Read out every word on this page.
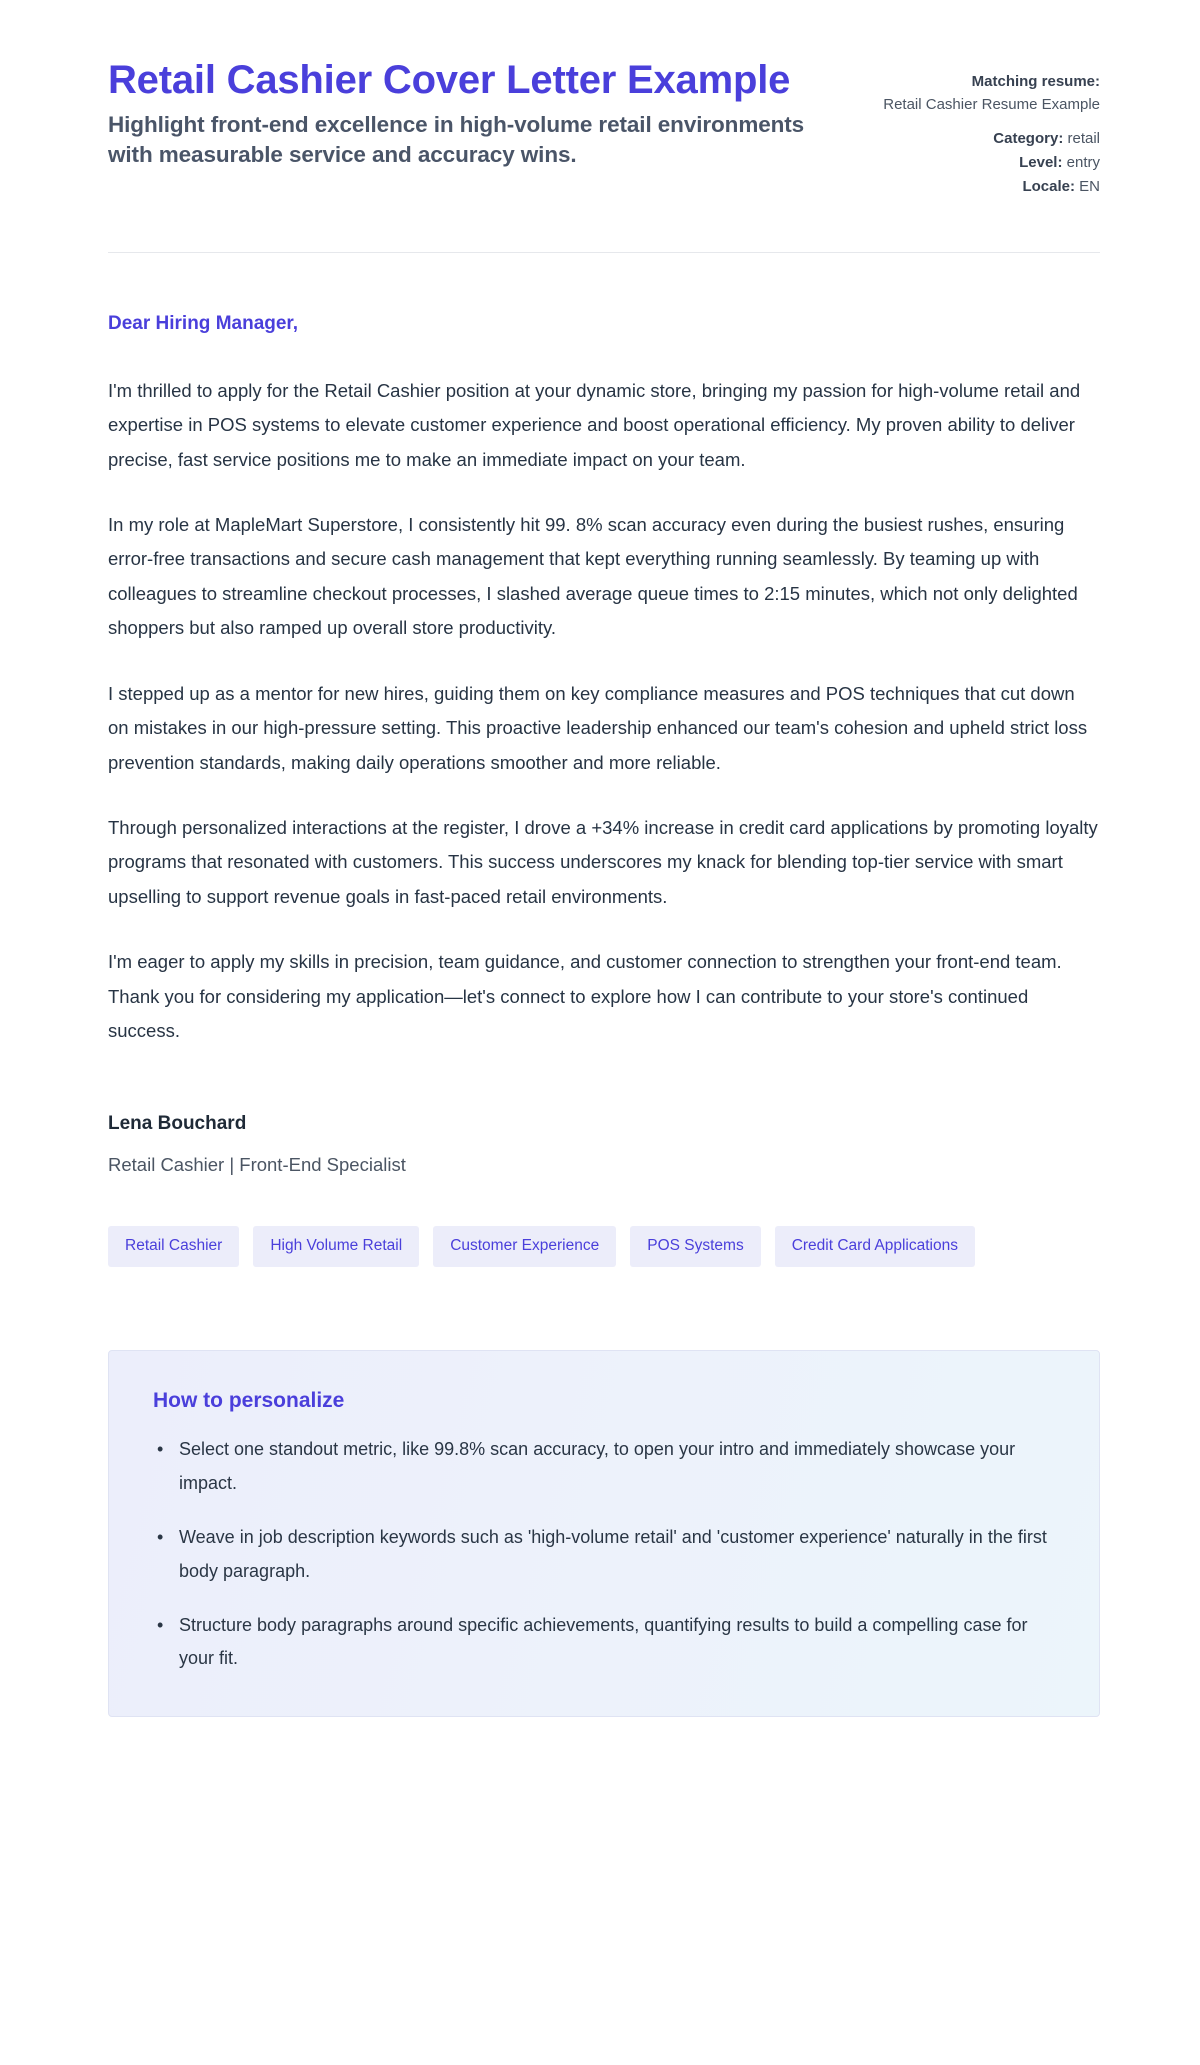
Retail Cashier Cover Letter Example

Highlight front-end excellence in high-volume retail environments with measurable service and accuracy wins.

Matching resume:
Retail Cashier Resume Example
Category: retail
Level: entry
Locale: EN

Dear Hiring Manager,

I'm thrilled to apply for the Retail Cashier position at your dynamic store, bringing my passion for high-volume retail and expertise in POS systems to elevate customer experience and boost operational efficiency. My proven ability to deliver precise, fast service positions me to make an immediate impact on your team.

In my role at MapleMart Superstore, I consistently hit 99. 8% scan accuracy even during the busiest rushes, ensuring error-free transactions and secure cash management that kept everything running seamlessly. By teaming up with colleagues to streamline checkout processes, I slashed average queue times to 2:15 minutes, which not only delighted shoppers but also ramped up overall store productivity.

I stepped up as a mentor for new hires, guiding them on key compliance measures and POS techniques that cut down on mistakes in our high-pressure setting. This proactive leadership enhanced our team's cohesion and upheld strict loss prevention standards, making daily operations smoother and more reliable.

Through personalized interactions at the register, I drove a +34% increase in credit card applications by promoting loyalty programs that resonated with customers. This success underscores my knack for blending top-tier service with smart upselling to support revenue goals in fast-paced retail environments.

I'm eager to apply my skills in precision, team guidance, and customer connection to strengthen your front-end team. Thank you for considering my application—let's connect to explore how I can contribute to your store's continued success.

Lena Bouchard

Retail Cashier | Front-End Specialist

Retail Cashier	High Volume Retail	Customer Experience	POS Systems	Credit Card Applications
How to personalize
• Select one standout metric, like 99.8% scan accuracy, to open your intro and immediately showcase your impact.
• Weave in job description keywords such as 'high-volume retail' and 'customer experience' naturally in the first body paragraph.
• Structure body paragraphs around specific achievements, quantifying results to build a compelling case for your fit.
